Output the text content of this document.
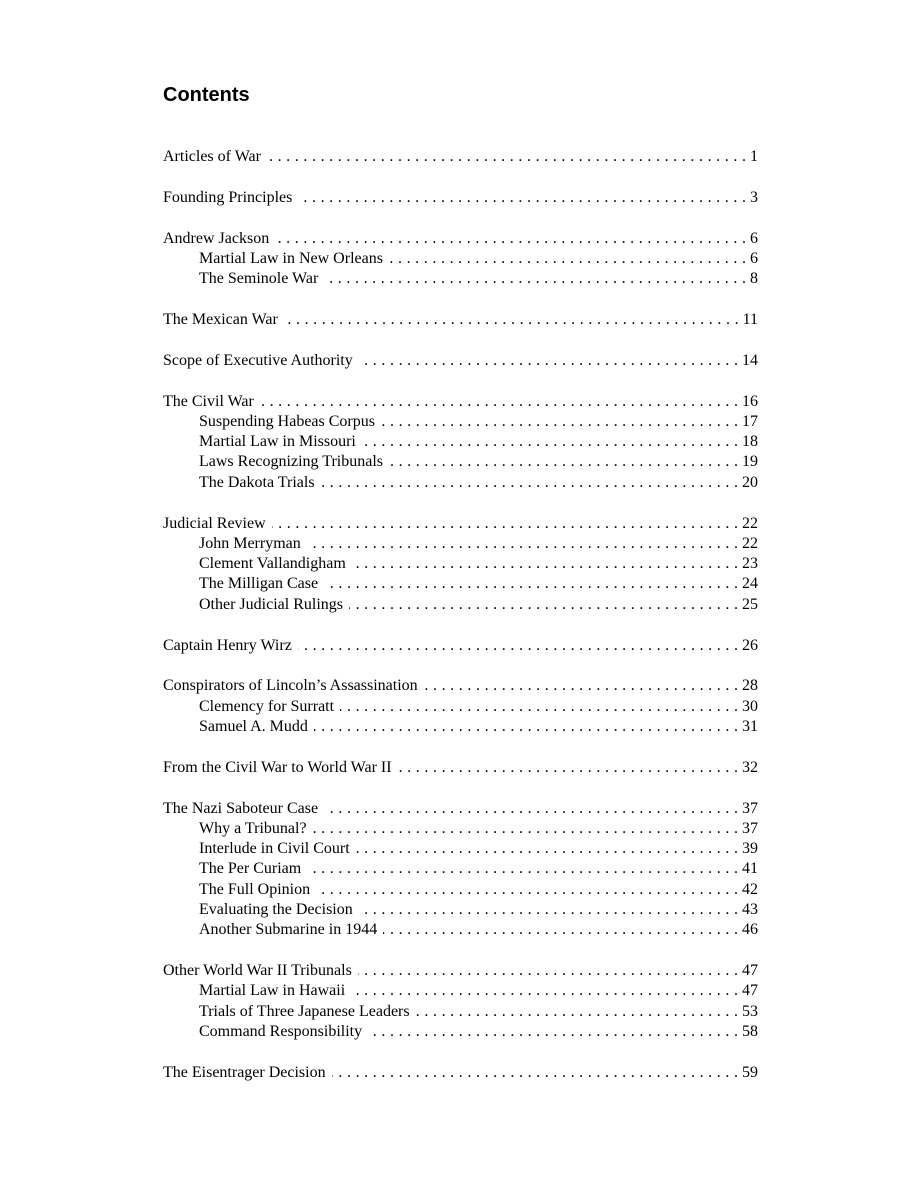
Contents
Articles of War . . .	1
Founding Principles . . .	3
Andrew Jackson . . .	6
Martial Law in New Orleans . . .	6
The Seminole War . . .	8
The Mexican War . . .	11
Scope of Executive Authority . . .	14
The Civil War . . .	16
Suspending Habeas Corpus . . .	17
Martial Law in Missouri . . .	18
Laws Recognizing Tribunals . . .	19
The Dakota Trials . . .	20
Judicial Review . . .	22
John Merryman . . .	22
Clement Vallandigham . . .	23
The Milligan Case . . .	24
Other Judicial Rulings . . .	25
Captain Henry Wirz . . .	26
Conspirators of Lincoln’s Assassination . . .	28
Clemency for Surratt . . .	30
Samuel A. Mudd . . .	31
From the Civil War to World War II . . .	32
The Nazi Saboteur Case . . .	37
Why a Tribunal? . . .	37
Interlude in Civil Court . . .	39
The Per Curiam . . .	41
The Full Opinion . . .	42
Evaluating the Decision . . .	43
Another Submarine in 1944 . . .	46
Other World War II Tribunals . . .	47
Martial Law in Hawaii . . .	47
Trials of Three Japanese Leaders . . .	53
Command Responsibility . . .	58
The Eisentrager Decision . . .	59
